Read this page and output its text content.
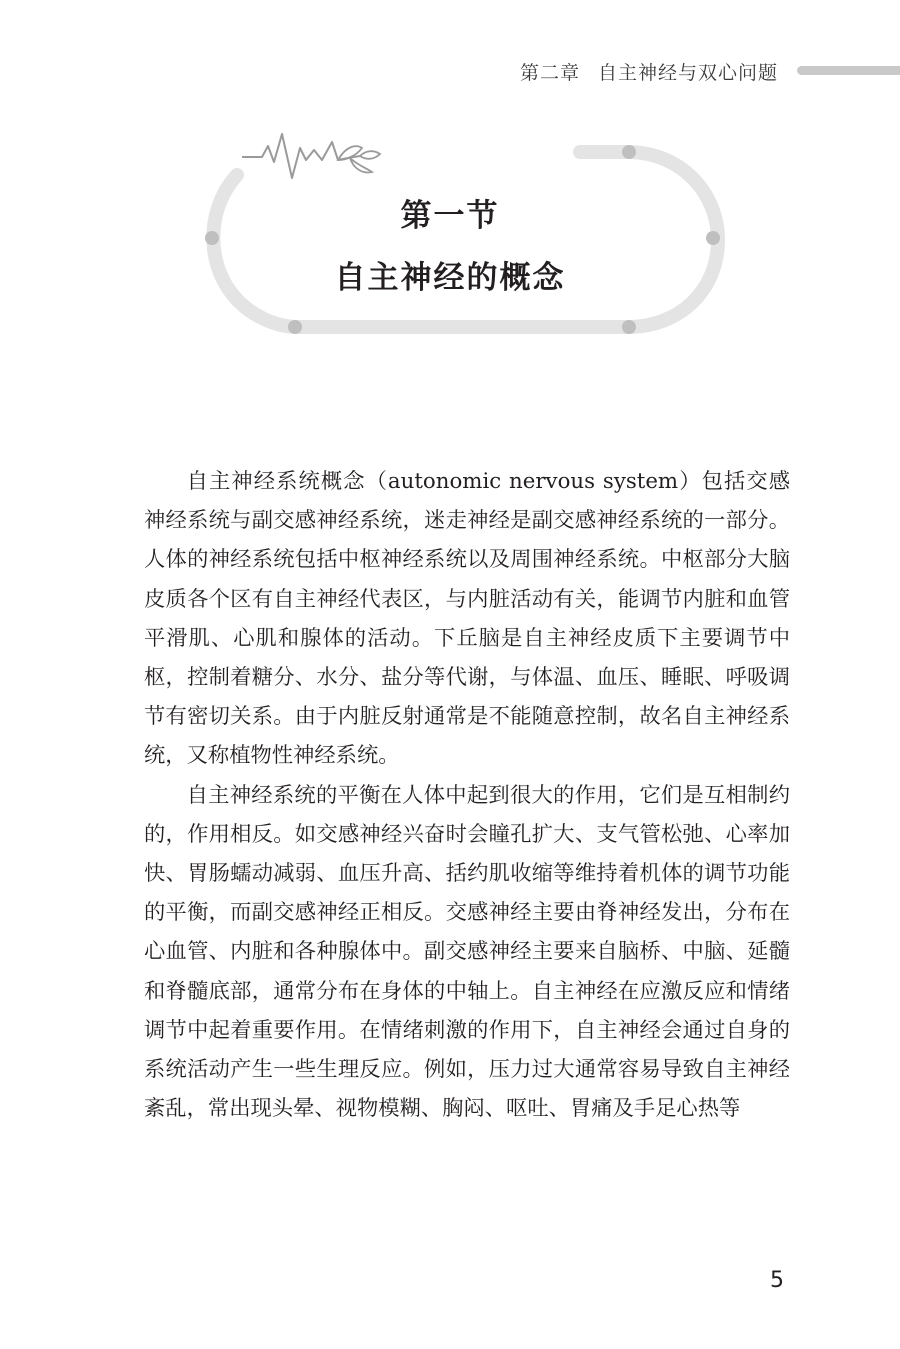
第二章 自主神经与双心问题
第一节
自主神经的概念

自主神经系统概念（autonomic nervous system）包括交感神经系统与副交感神经系统，迷走神经是副交感神经系统的一部分。人体的神经系统包括中枢神经系统以及周围神经系统。中枢部分大脑皮质各个区有自主神经代表区，与内脏活动有关，能调节内脏和血管平滑肌、心肌和腺体的活动。下丘脑是自主神经皮质下主要调节中枢，控制着糖分、水分、盐分等代谢，与体温、血压、睡眠、呼吸调节有密切关系。由于内脏反射通常是不能随意控制，故名自主神经系统，又称植物性神经系统。

自主神经系统的平衡在人体中起到很大的作用，它们是互相制约的，作用相反。如交感神经兴奋时会瞳孔扩大、支气管松弛、心率加快、胃肠蠕动减弱、血压升高、括约肌收缩等维持着机体的调节功能的平衡，而副交感神经正相反。交感神经主要由脊神经发出，分布在心血管、内脏和各种腺体中。副交感神经主要来自脑桥、中脑、延髓和脊髓底部，通常分布在身体的中轴上。自主神经在应激反应和情绪调节中起着重要作用。在情绪刺激的作用下，自主神经会通过自身的系统活动产生一些生理反应。例如，压力过大通常容易导致自主神经紊乱，常出现头晕、视物模糊、胸闷、呕吐、胃痛及手足心热等

5
